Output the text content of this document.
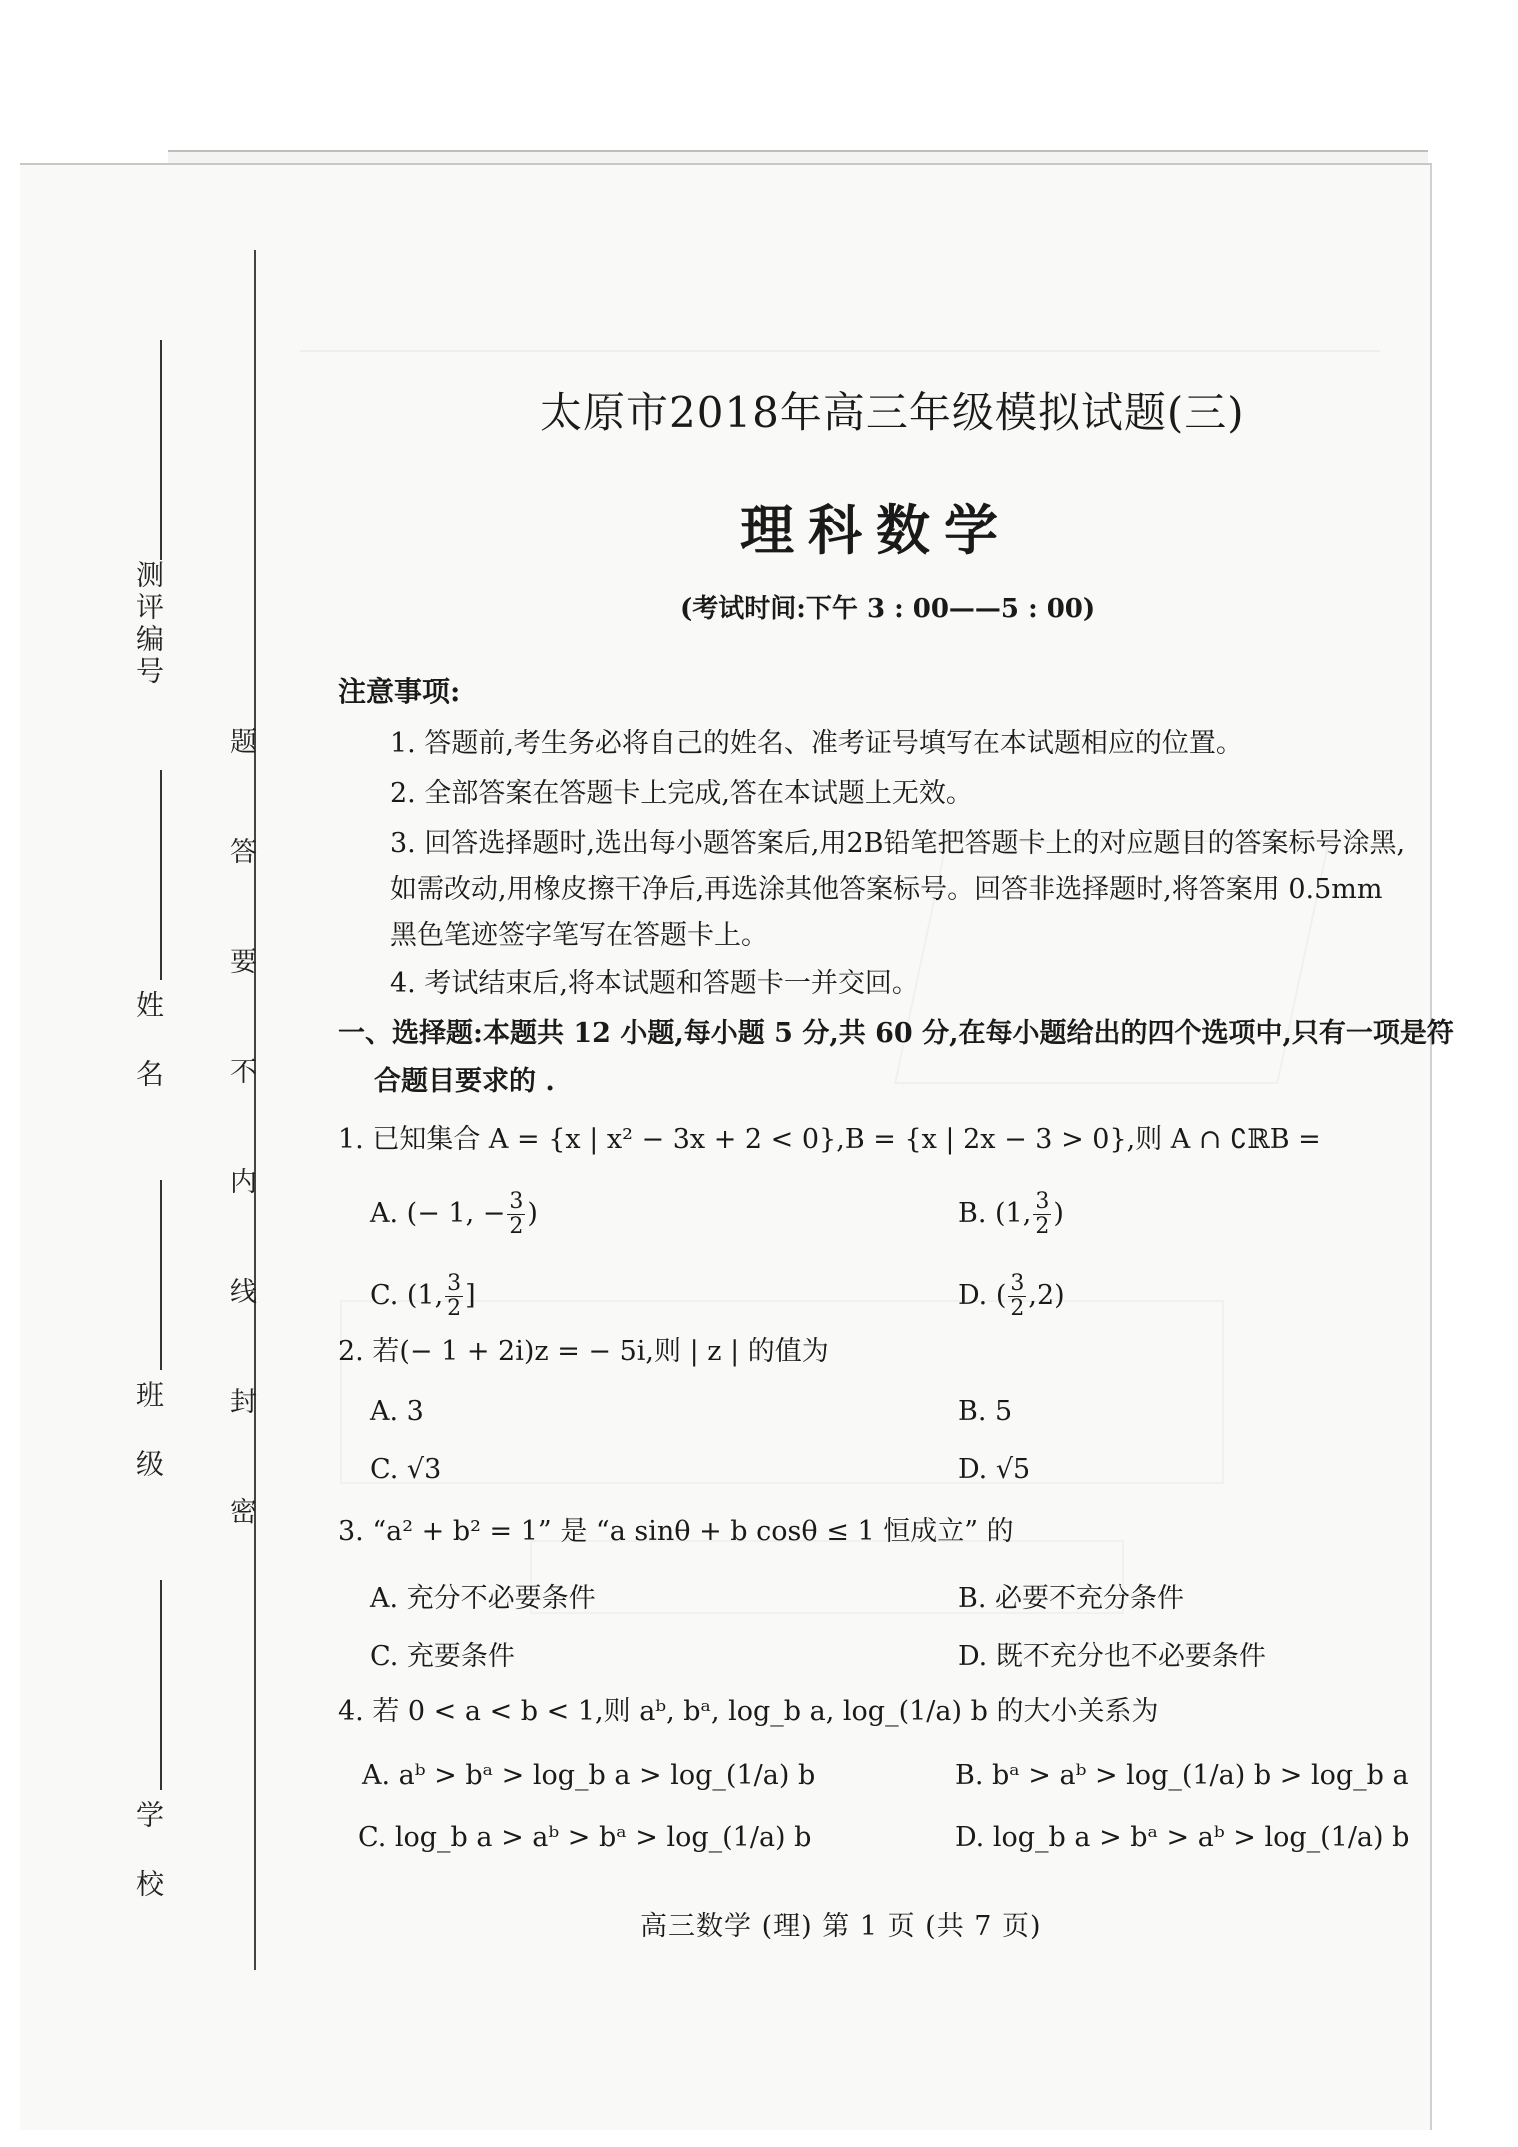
测评编号
姓 名
班 级
学 校
题
答
要
不
内
线
封
密
太原市2018年高三年级模拟试题(三)
理科数学
(考试时间:下午 3 : 00——5 : 00)
注意事项:
1. 答题前,考生务必将自己的姓名、准考证号填写在本试题相应的位置。
2. 全部答案在答题卡上完成,答在本试题上无效。
3. 回答选择题时,选出每小题答案后,用2B铅笔把答题卡上的对应题目的答案标号涂黑,
如需改动,用橡皮擦干净后,再选涂其他答案标号。回答非选择题时,将答案用 0.5mm
黑色笔迹签字笔写在答题卡上。
4. 考试结束后,将本试题和答题卡一并交回。
一、选择题:本题共 12 小题,每小题 5 分,共 60 分,在每小题给出的四个选项中,只有一项是符
合题目要求的 .
1. 已知集合 A = {x | x² − 3x + 2 < 0},B = {x | 2x − 3 > 0},则 A ∩ ∁ℝB =
A. (− 1, − $\frac{3}{2}$ )	B. (1, $\frac{3}{2}$ )
C. (1, $\frac{3}{2}$ ]	D. ( $\frac{3}{2} ,2$)
2. 若(− 1 + 2i)z = − 5i,则 | z | 的值为
A. 3	B. 5
C. √3	D. √5
3. “a² + b² = 1” 是 “a sinθ + b cosθ ≤ 1 恒成立” 的
A. 充分不必要条件	B. 必要不充分条件
C. 充要条件	D. 既不充分也不必要条件
4. 若 0 < a < b < 1,则 aᵇ, bᵃ, log_b a, log_(1/a) b 的大小关系为
A. aᵇ > bᵃ > log_b a > log_(1/a) b	B. bᵃ > aᵇ > log_(1/a) b > log_b a
C. log_b a > aᵇ > bᵃ > log_(1/a) b	D. log_b a > bᵃ > aᵇ > log_(1/a) b
高三数学 (理) 第 1 页 (共 7 页)
